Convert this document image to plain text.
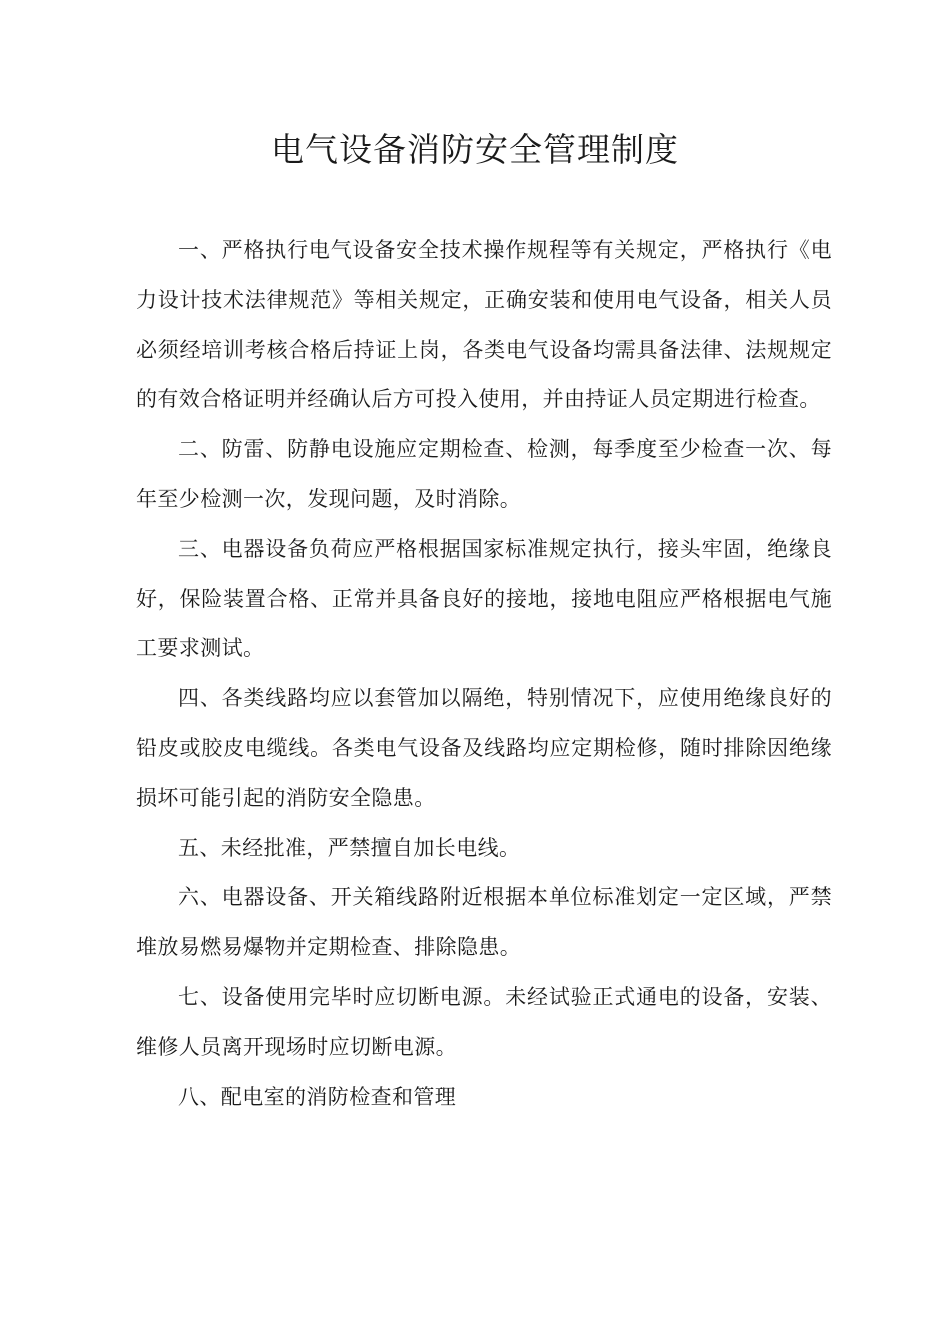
电气设备消防安全管理制度

一、严格执行电气设备安全技术操作规程等有关规定，严格执行《电力设计技术法律规范》等相关规定，正确安装和使用电气设备，相关人员必须经培训考核合格后持证上岗，各类电气设备均需具备法律、法规规定的有效合格证明并经确认后方可投入使用，并由持证人员定期进行检查。

二、防雷、防静电设施应定期检查、检测，每季度至少检查一次、每年至少检测一次，发现问题，及时消除。

三、电器设备负荷应严格根据国家标准规定执行，接头牢固，绝缘良好，保险装置合格、正常并具备良好的接地，接地电阻应严格根据电气施工要求测试。

四、各类线路均应以套管加以隔绝，特别情况下，应使用绝缘良好的铅皮或胶皮电缆线。各类电气设备及线路均应定期检修，随时排除因绝缘损坏可能引起的消防安全隐患。

五、未经批准，严禁擅自加长电线。

六、电器设备、开关箱线路附近根据本单位标准划定一定区域，严禁堆放易燃易爆物并定期检查、排除隐患。

七、设备使用完毕时应切断电源。未经试验正式通电的设备，安装、维修人员离开现场时应切断电源。

八、配电室的消防检查和管理
